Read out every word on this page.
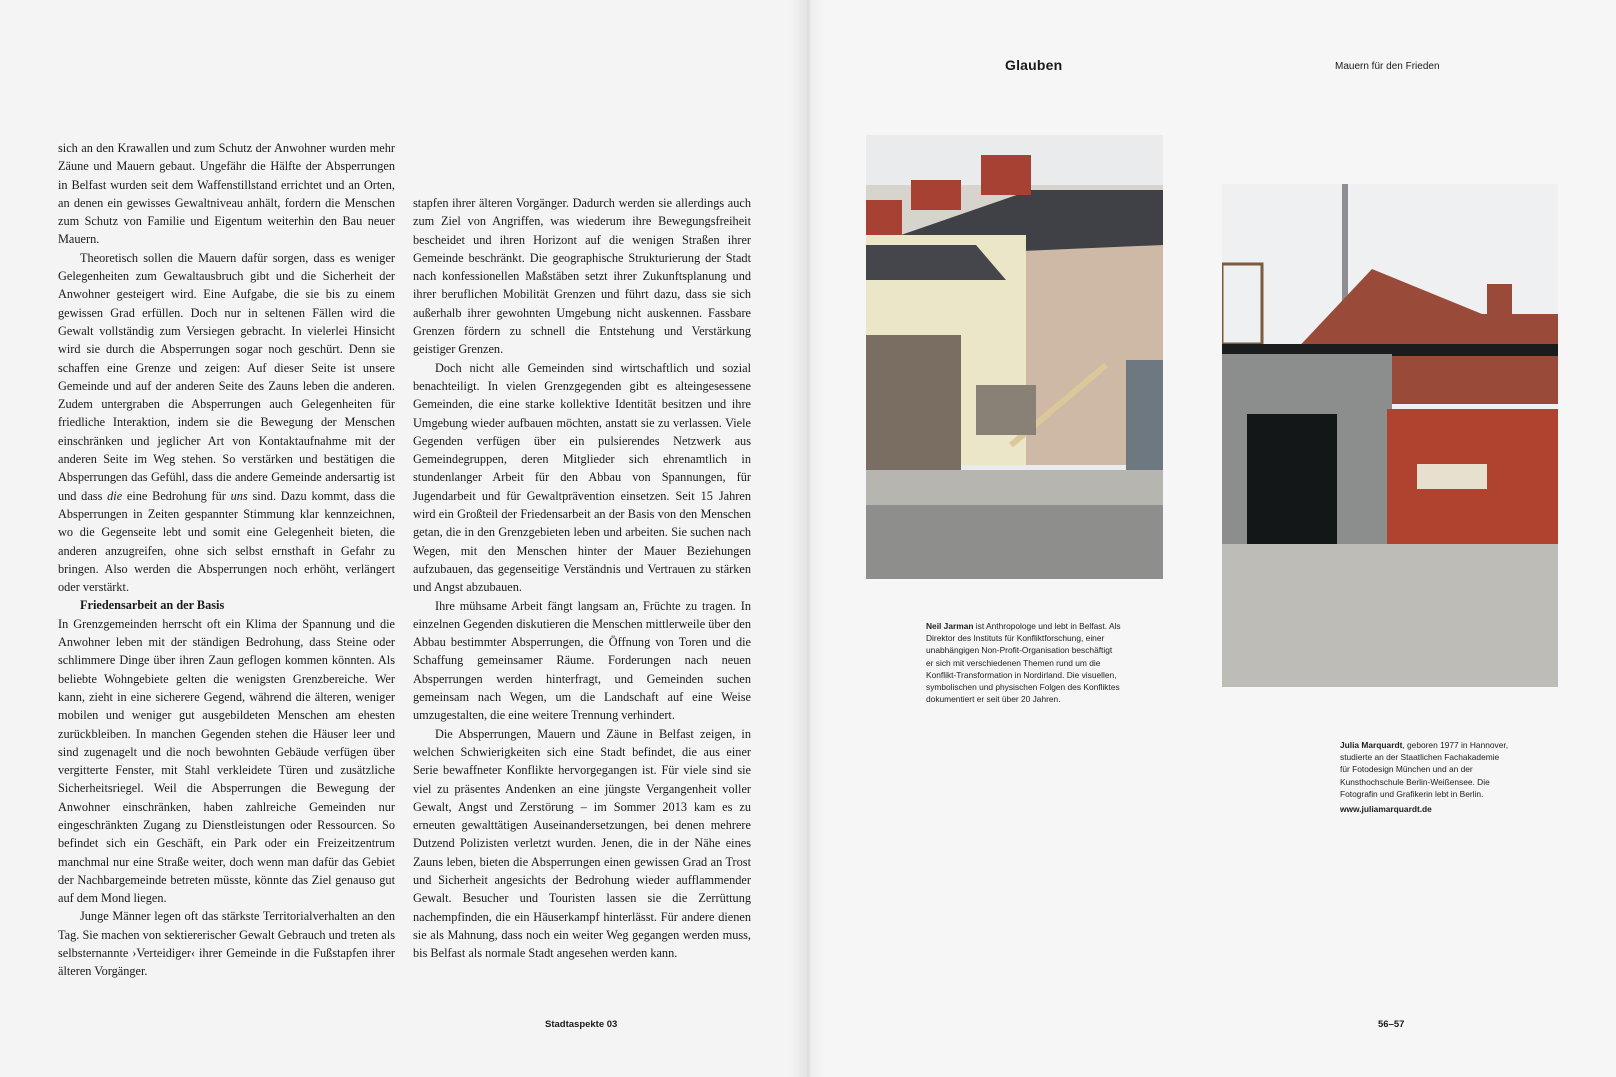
sich an den Krawallen und zum Schutz der Anwohner wurden mehr Zäune und Mauern gebaut. Ungefähr die Hälfte der Absperrungen in Belfast wurden seit dem Waffenstillstand errichtet und an Orten, an denen ein gewisses Gewaltniveau anhält, fordern die Menschen zum Schutz von Familie und Eigentum weiterhin den Bau neuer Mauern.

Theoretisch sollen die Mauern dafür sorgen, dass es weniger Gelegenheiten zum Gewaltausbruch gibt und die Sicherheit der Anwohner gesteigert wird. Eine Aufgabe, die sie bis zu einem gewissen Grad erfüllen. Doch nur in seltenen Fällen wird die Gewalt vollständig zum Versiegen gebracht. In vielerlei Hinsicht wird sie durch die Absperrungen sogar noch geschürt. Denn sie schaffen eine Grenze und zeigen: Auf dieser Seite ist unsere Gemeinde und auf der anderen Seite des Zauns leben die anderen. Zudem untergraben die Absperrungen auch Gelegenheiten für friedliche Interaktion, indem sie die Bewegung der Menschen einschränken und jeglicher Art von Kontaktaufnahme mit der anderen Seite im Weg stehen. So verstärken und bestätigen die Absperrungen das Gefühl, dass die andere Gemeinde andersartig ist und dass die eine Bedrohung für uns sind. Dazu kommt, dass die Absperrungen in Zeiten gespannter Stimmung klar kennzeichnen, wo die Gegenseite lebt und somit eine Gelegenheit bieten, die anderen anzugreifen, ohne sich selbst ernsthaft in Gefahr zu bringen. Also werden die Absperrungen noch erhöht, verlängert oder verstärkt.

Friedensarbeit an der Basis

In Grenzgemeinden herrscht oft ein Klima der Spannung und die Anwohner leben mit der ständigen Bedrohung, dass Steine oder schlimmere Dinge über ihren Zaun geflogen kommen könnten. Als beliebte Wohngebiete gelten die wenigsten Grenzbereiche. Wer kann, zieht in eine sicherere Gegend, während die älteren, weniger mobilen und weniger gut ausgebildeten Menschen am ehesten zurückbleiben. In manchen Gegenden stehen die Häuser leer und sind zugenagelt und die noch bewohnten Gebäude verfügen über vergitterte Fenster, mit Stahl verkleidete Türen und zusätzliche Sicherheitsriegel. Weil die Absperrungen die Bewegung der Anwohner einschränken, haben zahlreiche Gemeinden nur eingeschränkten Zugang zu Dienstleistungen oder Ressourcen. So befindet sich ein Geschäft, ein Park oder ein Freizeitzentrum manchmal nur eine Straße weiter, doch wenn man dafür das Gebiet der Nachbargemeinde betreten müsste, könnte das Ziel genauso gut auf dem Mond liegen.

Junge Männer legen oft das stärkste Territorialverhalten an den Tag. Sie machen von sektiererischer Gewalt Gebrauch und treten als selbsternannte ›Verteidiger‹ ihrer Gemeinde in die Fußstapfen ihrer älteren Vorgänger.

stapfen ihrer älteren Vorgänger. Dadurch werden sie allerdings auch zum Ziel von Angriffen, was wiederum ihre Bewegungsfreiheit bescheidet und ihren Horizont auf die wenigen Straßen ihrer Gemeinde beschränkt. Die geographische Strukturierung der Stadt nach konfessionellen Maßstäben setzt ihrer Zukunftsplanung und ihrer beruflichen Mobilität Grenzen und führt dazu, dass sie sich außerhalb ihrer gewohnten Umgebung nicht auskennen. Fassbare Grenzen fördern zu schnell die Entstehung und Verstärkung geistiger Grenzen.

Doch nicht alle Gemeinden sind wirtschaftlich und sozial benachteiligt. In vielen Grenzgegenden gibt es alteingesessene Gemeinden, die eine starke kollektive Identität besitzen und ihre Umgebung wieder aufbauen möchten, anstatt sie zu verlassen. Viele Gegenden verfügen über ein pulsierendes Netzwerk aus Gemeindegruppen, deren Mitglieder sich ehrenamtlich in stundenlanger Arbeit für den Abbau von Spannungen, für Jugendarbeit und für Gewaltprävention einsetzen. Seit 15 Jahren wird ein Großteil der Friedensarbeit an der Basis von den Menschen getan, die in den Grenzgebieten leben und arbeiten. Sie suchen nach Wegen, mit den Menschen hinter der Mauer Beziehungen aufzubauen, das gegenseitige Verständnis und Vertrauen zu stärken und Angst abzubauen.

Ihre mühsame Arbeit fängt langsam an, Früchte zu tragen. In einzelnen Gegenden diskutieren die Menschen mittlerweile über den Abbau bestimmter Absperrungen, die Öffnung von Toren und die Schaffung gemeinsamer Räume. Forderungen nach neuen Absperrungen werden hinterfragt, und Gemeinden suchen gemeinsam nach Wegen, um die Landschaft auf eine Weise umzugestalten, die eine weitere Trennung verhindert.

Die Absperrungen, Mauern und Zäune in Belfast zeigen, in welchen Schwierigkeiten sich eine Stadt befindet, die aus einer Serie bewaffneter Konflikte hervorgegangen ist. Für viele sind sie viel zu präsentes Andenken an eine jüngste Vergangenheit voller Gewalt, Angst und Zerstörung – im Sommer 2013 kam es zu erneuten gewalttätigen Auseinandersetzungen, bei denen mehrere Dutzend Polizisten verletzt wurden. Jenen, die in der Nähe eines Zauns leben, bieten die Absperrungen einen gewissen Grad an Trost und Sicherheit angesichts der Bedrohung wieder aufflammender Gewalt. Besucher und Touristen lassen sie die Zerrüttung nachempfinden, die ein Häuserkampf hinterlässt. Für andere dienen sie als Mahnung, dass noch ein weiter Weg gegangen werden muss, bis Belfast als normale Stadt angesehen werden kann.

Stadtaspekte 03
Glauben	Mauern für den Frieden
Neil Jarman ist Anthropologe und lebt in Belfast. Als Direktor des Instituts für Konfliktforschung, einer unabhängigen Non-Profit-Organisation beschäftigt er sich mit verschiedenen Themen rund um die Konflikt-Transformation in Nordirland. Die visuellen, symbolischen und physischen Folgen des Konfliktes dokumentiert er seit über 20 Jahren.
Julia Marquardt, geboren 1977 in Hannover, studierte an der Staatlichen Fachakademie für Fotodesign München und an der Kunsthochschule Berlin-Weißensee. Die Fotografin und Grafikerin lebt in Berlin.
www.juliamarquardt.de
56–57
